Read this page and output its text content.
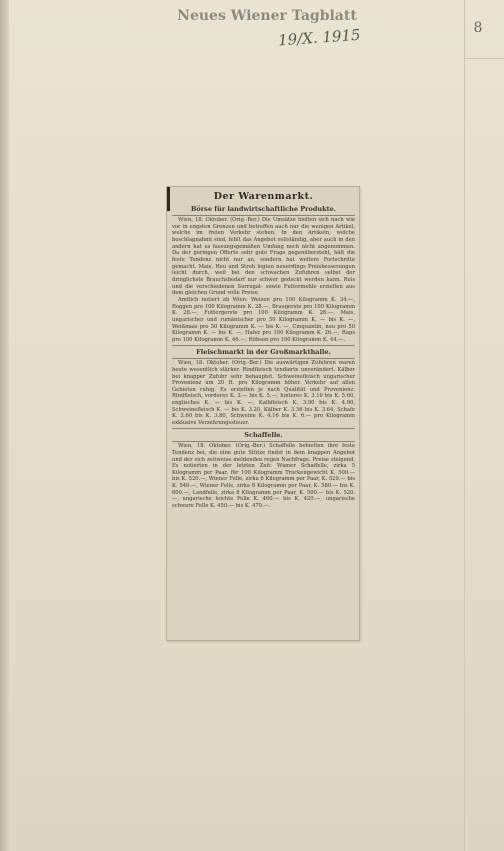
Neues Wiener Tagblatt
19/X. 1915	8
Der Warenmarkt.
Börse für landwirtschaftliche Produkte.

Wien, 18. Oktober. (Orig.-Ber.) Die Umsätze hielten sich nach wie vor in engsten Grenzen und betreffen auch nur die wenigen Artikel, welche im freien Verkehr stehen. In den Artikeln, welche beschlagnahmt sind, fehlt das Angebot vollständig, aber auch in den andern hat es fassungsgemäßen Umfang noch nicht angenommen. Da der geringen Offerte sehr gute Frage gegenübersteht, hält die feste Tendenz nicht nur an, sondern hat weitere Fortschritte gemacht. Mais, Heu und Stroh legten neuerdings Preisbesserungen leicht durch, weil bei den schwachen Zufuhren selbst der dringlichste Brauchsbedarf nur schwer gedeckt werden kann. Reis und die verschiedenen Surrogat- sowie Futtermehle erzielten aus dem gleichen Grund volle Preise.

Amtlich notiert ab Wien: Weizen pro 100 Kilogramm K. 34.—, Roggen pro 100 Kilogramm K. 28.—, Braugerste pro 100 Kilogramm K. 28.—, Futtergerste pro 100 Kilogramm K. 26.—, Mais, ungarischer und rumänischer pro 50 Kilogramm K. — bis K. —, Weißmais pro 50 Kilogramm K. — bis K. —, Cinquantin, neu pro 50 Kilogramm K. — bis K. —, Hafer pro 100 Kilogramm K. 26.—, Raps pro 100 Kilogramm K. 46.—, Rübsen pro 100 Kilogramm K. 44.—.

Fleischmarkt in der Großmarkthalle.

Wien, 18. Oktober. (Orig.-Ber.) Die auswärtigen Zufuhren waren heute wesentlich stärker. Rindfleisch tendierte unverändert. Kälber bei knapper Zufuhr sehr behauptet. Schweinefleisch ungarischer Provenienz um 20 H. pro Kilogramm höher. Verkehr auf allen Gebieten ruhig. Es erzielten je nach Qualität und Provenienz: Rindfleisch, vorderes K. 3.— bis K. 5.—, hinteres K. 3.10 bis K. 5.60, englisches K. — bis K. —, Kalbfleisch K. 3.90 bis K. 4.90, Schweinefleisch K. — bis K. 3.20, Kälber K. 3.36 bis K. 3.64, Schafe K. 2.60 bis K. 3.80, Schweine K. 4.16 bis K. 6.— pro Kilogramm exklusive Verzehrungssteuer.

Schaffelle.

Wien, 18. Oktober. (Orig.-Ber.) Schaffelle behielten ihre feste Tendenz bei, die eine gute Stütze findet in dem knappen Angebot und der sich zeitweise meldenden regen Nachfrage. Preise steigend. Es notierten in der letzten Zeit: Wiener Schaffelle, zirka 5 Kilogramm per Paar, für 100 Kilogramm Trockengewicht K. 500.— bis K. 520.—, Wiener Felle, zirka 6 Kilogramm per Paar, K. 520.— bis K. 540.—, Wiener Felle, zirka 8 Kilogramm per Paar, K. 580.— bis K. 600.—, Landfelle, zirka 8 Kilogramm per Paar, K. 500.— bis K. 520.—, ungarische leichte Felle K. 400.— bis K. 420.—, ungarische schwere Felle K. 450.— bis K. 470.—.
